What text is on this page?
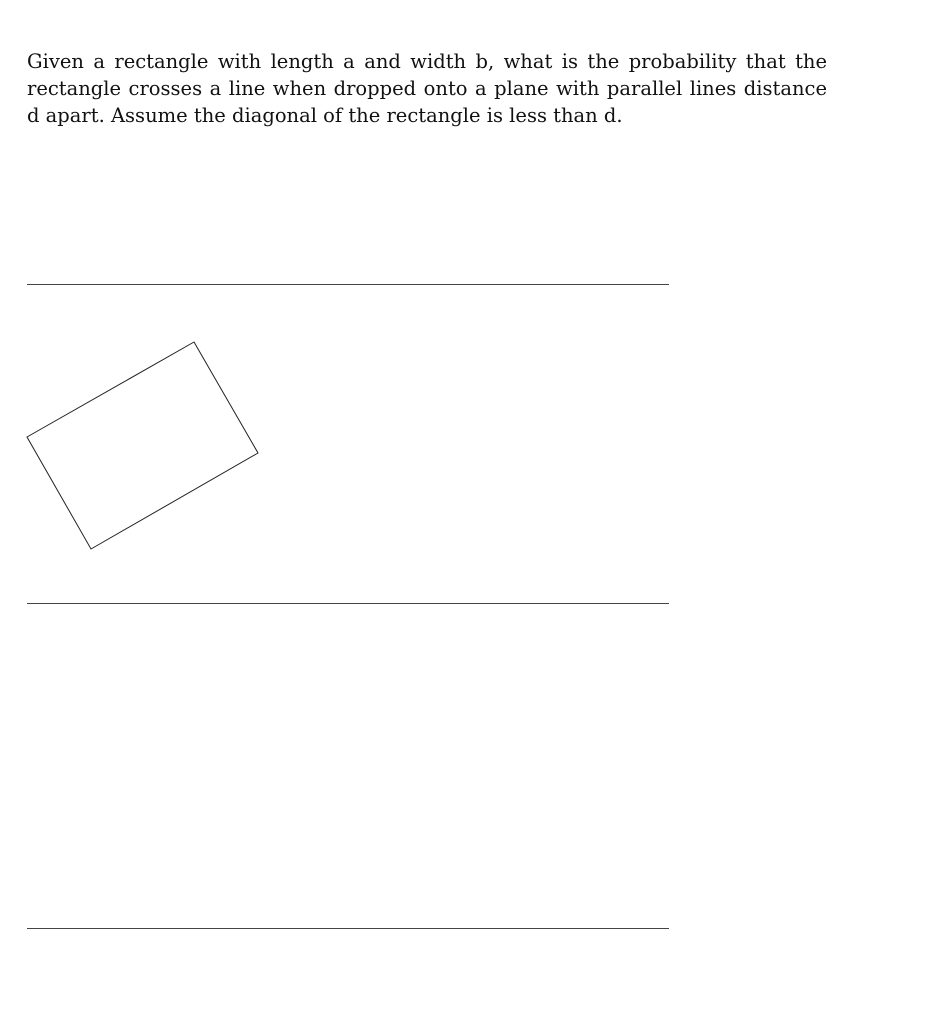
Given a rectangle with length a and width b, what is the probability that the rectangle crosses a line when dropped onto a plane with parallel lines distance d apart. Assume the diagonal of the rectangle is less than d.
